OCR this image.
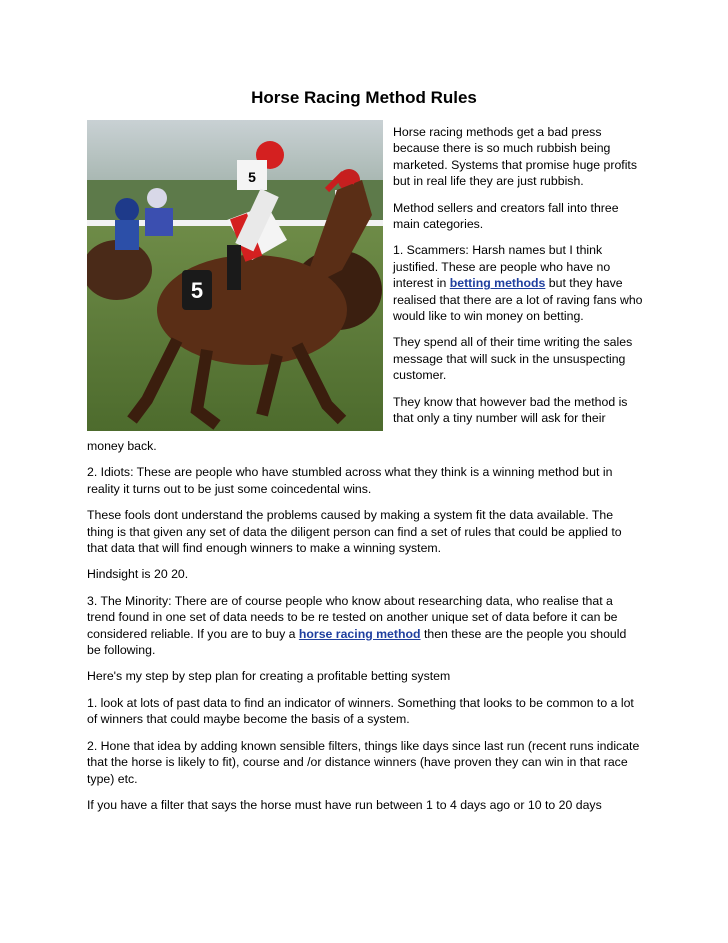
Horse Racing Method Rules
5
5

Horse racing methods get a bad press because there is so much rubbish being marketed. Systems that promise huge profits but in real life they are just rubbish.

Method sellers and creators fall into three main categories.

1. Scammers: Harsh names but I think justified. These are people who have no interest in betting methods but they have realised that there are a lot of raving fans who would like to win money on betting.

They spend all of their time writing the sales message that will suck in the unsuspecting customer.

They know that however bad the method is that only a tiny number will ask for their

money back.

2. Idiots: These are people who have stumbled across what they think is a winning method but in reality it turns out to be just some coincedental wins.

These fools dont understand the problems caused by making a system fit the data available. The thing is that given any set of data the diligent person can find a set of rules that could be applied to that data that will find enough winners to make a winning system.

Hindsight is 20 20.

3. The Minority: There are of course people who know about researching data, who realise that a trend found in one set of data needs to be re tested on another unique set of data before it can be considered reliable. If you are to buy a horse racing method then these are the people you should be following.

Here's my step by step plan for creating a profitable betting system

1. look at lots of past data to find an indicator of winners. Something that looks to be common to a lot of winners that could maybe become the basis of a system.

2. Hone that idea by adding known sensible filters, things like days since last run (recent runs indicate that the horse is likely to fit), course and /or distance winners (have proven they can win in that race type) etc.

If you have a filter that says the horse must have run between 1 to 4 days ago or 10 to 20 days
